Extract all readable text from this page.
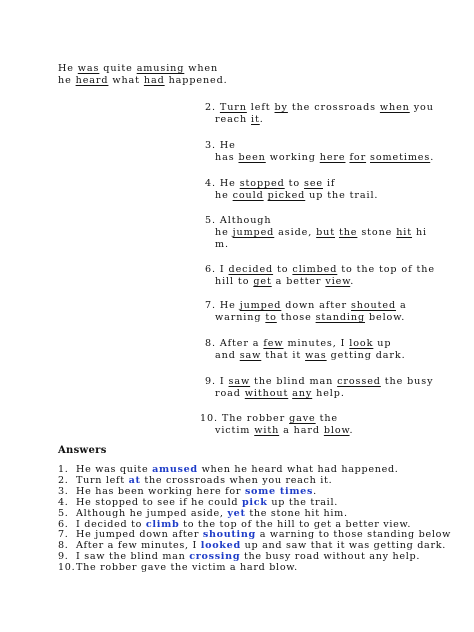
He was quite amusing when
he heard what had happened.
2. Turn left by the crossroads when you
reach it.
3. He
has been working here for sometimes.
4. He stopped to see if
he could picked up the trail.
5. Although
he jumped aside, but the stone hit hi
m.
6. I decided to climbed to the top of the
hill to get a better view.
7. He jumped down after shouted a
warning to those standing below.
8. After a few minutes, I look up
and saw that it was getting dark.
9. I saw the blind man crossed the busy
road without any help.
10. The robber gave the
victim with a hard blow.
Answers
1. He was quite amused when he heard what had happened.
2. Turn left at the crossroads when you reach it.
3. He has been working here for some times.
4. He stopped to see if he could pick up the trail.
5. Although he jumped aside, yet the stone hit him.
6. I decided to climb to the top of the hill to get a better view.
7. He jumped down after shouting a warning to those standing below
8. After a few minutes, I looked up and saw that it was getting dark.
9. I saw the blind man crossing the busy road without any help.
10.The robber gave the victim a hard blow.
